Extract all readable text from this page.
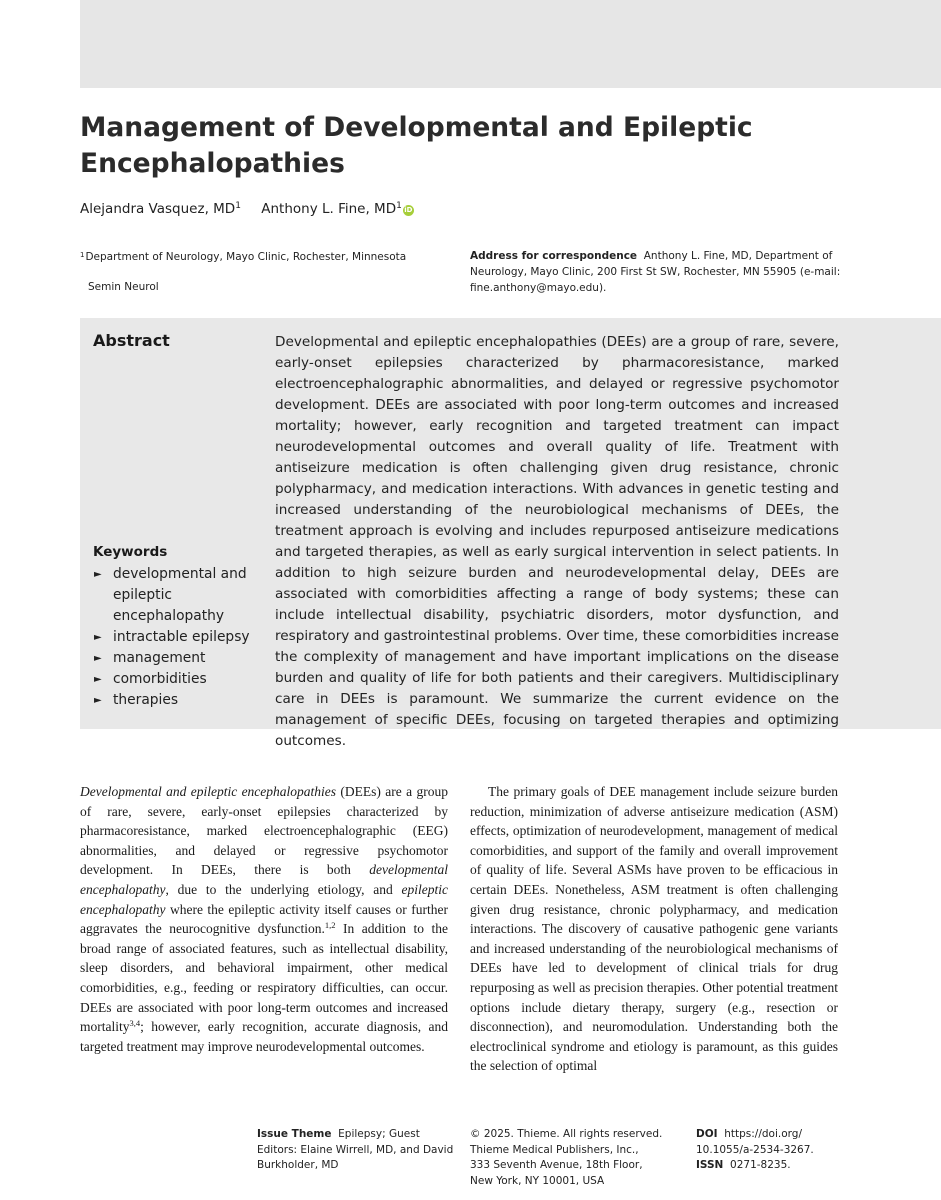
Management of Developmental and Epileptic Encephalopathies
Alejandra Vasquez, $MD^1$ Anthony L. Fine, $MD^1$ iD
$^1$Department of Neurology, Mayo Clinic, Rochester, Minnesota
Semin Neurol
Address for correspondence Anthony L. Fine, MD, Department of Neurology, Mayo Clinic, 200 First St SW, Rochester, MN 55905 (e-mail: fine.anthony@mayo.edu).
Abstract	Developmental and epileptic encephalopathies (DEEs) are a group of rare, severe, early-onset epilepsies characterized by pharmacoresistance, marked electroencephalographic abnormalities, and delayed or regressive psychomotor development. DEEs are associated with poor long-term outcomes and increased mortality; however, early recognition and targeted treatment can impact neurodevelopmental outcomes and overall quality of life. Treatment with antiseizure medication is often challenging given drug resistance, chronic polypharmacy, and medication interactions. With advances in genetic testing and increased understanding of the neurobiological mechanisms of DEEs, the treatment approach is evolving and includes repurposed antiseizure medications and targeted therapies, as well as early surgical intervention in select patients. In addition to high seizure burden and neurodevelopmental delay, DEEs are associated with comorbidities affecting a range of body systems; these can include intellectual disability, psychiatric disorders, motor dysfunction, and respiratory and gastrointestinal problems. Over time, these comorbidities increase the complexity of management and have important implications on the disease burden and quality of life for both patients and their caregivers. Multidisciplinary care in DEEs is paramount. We summarize the current evidence on the management of specific DEEs, focusing on targeted therapies and optimizing outcomes.

Keywords
► developmental and epileptic encephalopathy
► intractable epilepsy
► management
► comorbidities
► therapies

Developmental and epileptic encephalopathies (DEEs) are a group of rare, severe, early-onset epilepsies characterized by pharmacoresistance, marked electroencephalographic (EEG) abnormalities, and delayed or regressive psychomotor development. In DEEs, there is both developmental encephalopathy, due to the underlying etiology, and epileptic encephalopathy where the epileptic activity itself causes or further aggravates the neurocognitive dysfunction.$^{1,2}$ In addition to the broad range of associated features, such as intellectual disability, sleep disorders, and behavioral impairment, other medical comorbidities, e.g., feeding or respiratory difficulties, can occur. DEEs are associated with poor long-term outcomes and increased mortality$^{3,4}$; however, early recognition, accurate diagnosis, and targeted treatment may improve neurodevelopmental outcomes.

The primary goals of DEE management include seizure burden reduction, minimization of adverse antiseizure medication (ASM) effects, optimization of neurodevelopment, management of medical comorbidities, and support of the family and overall improvement of quality of life. Several ASMs have proven to be efficacious in certain DEEs. Nonetheless, ASM treatment is often challenging given drug resistance, chronic polypharmacy, and medication interactions. The discovery of causative pathogenic gene variants and increased understanding of the neurobiological mechanisms of DEEs have led to development of clinical trials for drug repurposing as well as precision therapies. Other potential treatment options include dietary therapy, surgery (e.g., resection or disconnection), and neuromodulation. Understanding both the electroclinical syndrome and etiology is paramount, as this guides the selection of optimal

Issue Theme Epilepsy; Guest Editors: Elaine Wirrell, MD, and David Burkholder, MD
© 2025. Thieme. All rights reserved.
Thieme Medical Publishers, Inc.,
333 Seventh Avenue, 18th Floor,
New York, NY 10001, USA
DOI https://doi.org/
10.1055/a-2534-3267.
ISSN 0271-8235.
